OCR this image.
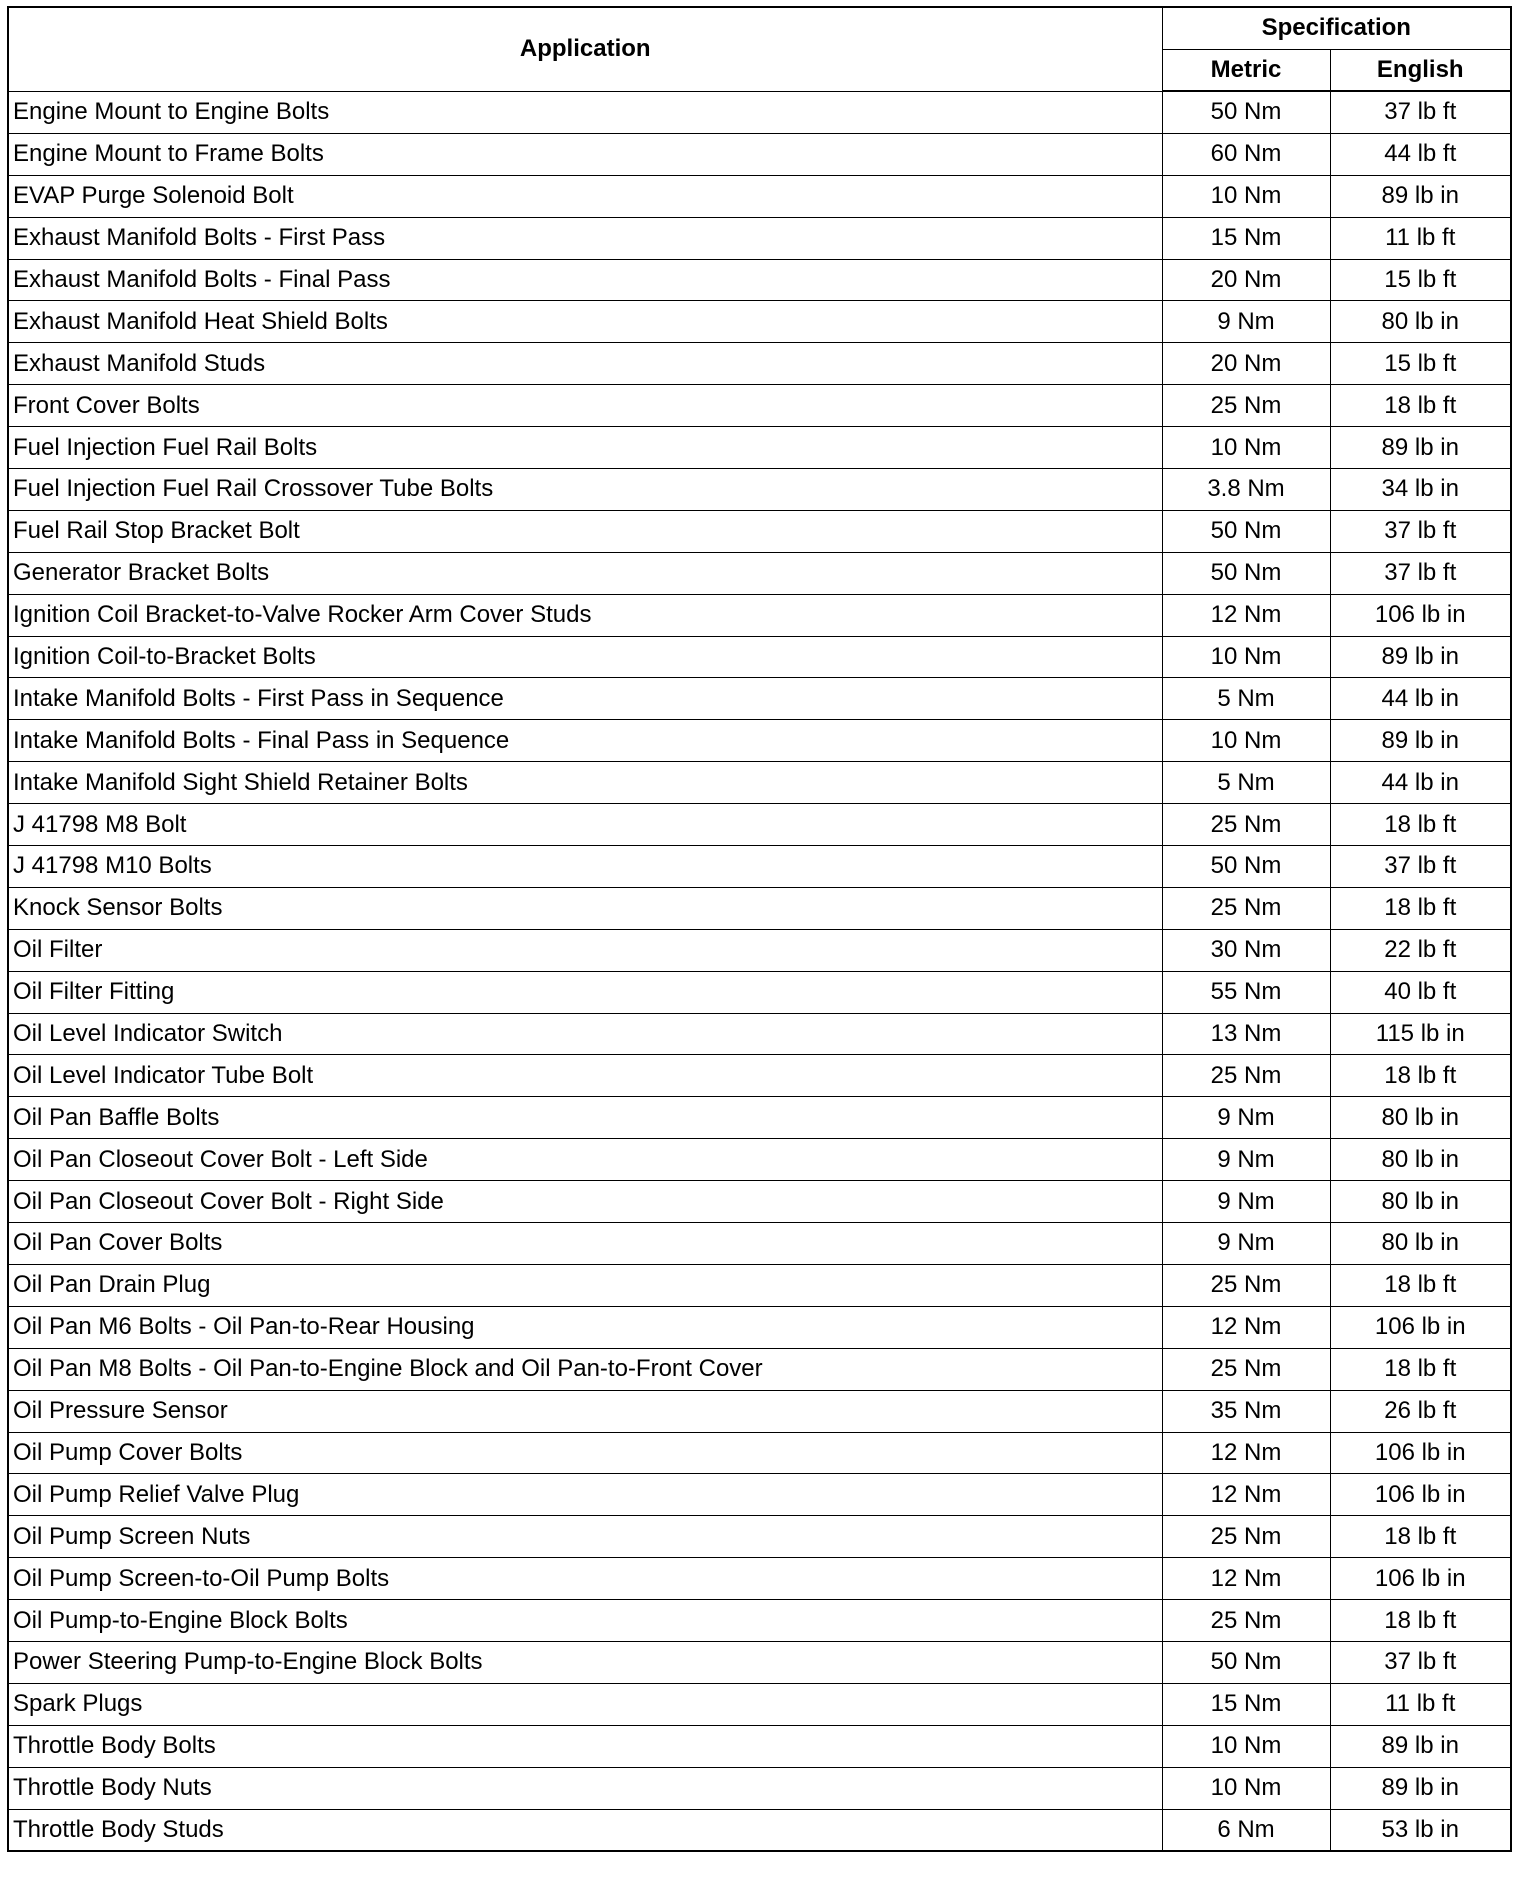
Application	Specification	
	Metric	English
Engine Mount to Engine Bolts	50 Nm	37 lb ft
Engine Mount to Frame Bolts	60 Nm	44 lb ft
EVAP Purge Solenoid Bolt	10 Nm	89 lb in
Exhaust Manifold Bolts - First Pass	15 Nm	11 lb ft
Exhaust Manifold Bolts - Final Pass	20 Nm	15 lb ft
Exhaust Manifold Heat Shield Bolts	9 Nm	80 lb in
Exhaust Manifold Studs	20 Nm	15 lb ft
Front Cover Bolts	25 Nm	18 lb ft
Fuel Injection Fuel Rail Bolts	10 Nm	89 lb in
Fuel Injection Fuel Rail Crossover Tube Bolts	3.8 Nm	34 lb in
Fuel Rail Stop Bracket Bolt	50 Nm	37 lb ft
Generator Bracket Bolts	50 Nm	37 lb ft
Ignition Coil Bracket-to-Valve Rocker Arm Cover Studs	12 Nm	106 lb in
Ignition Coil-to-Bracket Bolts	10 Nm	89 lb in
Intake Manifold Bolts - First Pass in Sequence	5 Nm	44 lb in
Intake Manifold Bolts - Final Pass in Sequence	10 Nm	89 lb in
Intake Manifold Sight Shield Retainer Bolts	5 Nm	44 lb in
J 41798 M8 Bolt	25 Nm	18 lb ft
J 41798 M10 Bolts	50 Nm	37 lb ft
Knock Sensor Bolts	25 Nm	18 lb ft
Oil Filter	30 Nm	22 lb ft
Oil Filter Fitting	55 Nm	40 lb ft
Oil Level Indicator Switch	13 Nm	115 lb in
Oil Level Indicator Tube Bolt	25 Nm	18 lb ft
Oil Pan Baffle Bolts	9 Nm	80 lb in
Oil Pan Closeout Cover Bolt - Left Side	9 Nm	80 lb in
Oil Pan Closeout Cover Bolt - Right Side	9 Nm	80 lb in
Oil Pan Cover Bolts	9 Nm	80 lb in
Oil Pan Drain Plug	25 Nm	18 lb ft
Oil Pan M6 Bolts - Oil Pan-to-Rear Housing	12 Nm	106 lb in
Oil Pan M8 Bolts - Oil Pan-to-Engine Block and Oil Pan-to-Front Cover	25 Nm	18 lb ft
Oil Pressure Sensor	35 Nm	26 lb ft
Oil Pump Cover Bolts	12 Nm	106 lb in
Oil Pump Relief Valve Plug	12 Nm	106 lb in
Oil Pump Screen Nuts	25 Nm	18 lb ft
Oil Pump Screen-to-Oil Pump Bolts	12 Nm	106 lb in
Oil Pump-to-Engine Block Bolts	25 Nm	18 lb ft
Power Steering Pump-to-Engine Block Bolts	50 Nm	37 lb ft
Spark Plugs	15 Nm	11 lb ft
Throttle Body Bolts	10 Nm	89 lb in
Throttle Body Nuts	10 Nm	89 lb in
Throttle Body Studs	6 Nm	53 lb in
